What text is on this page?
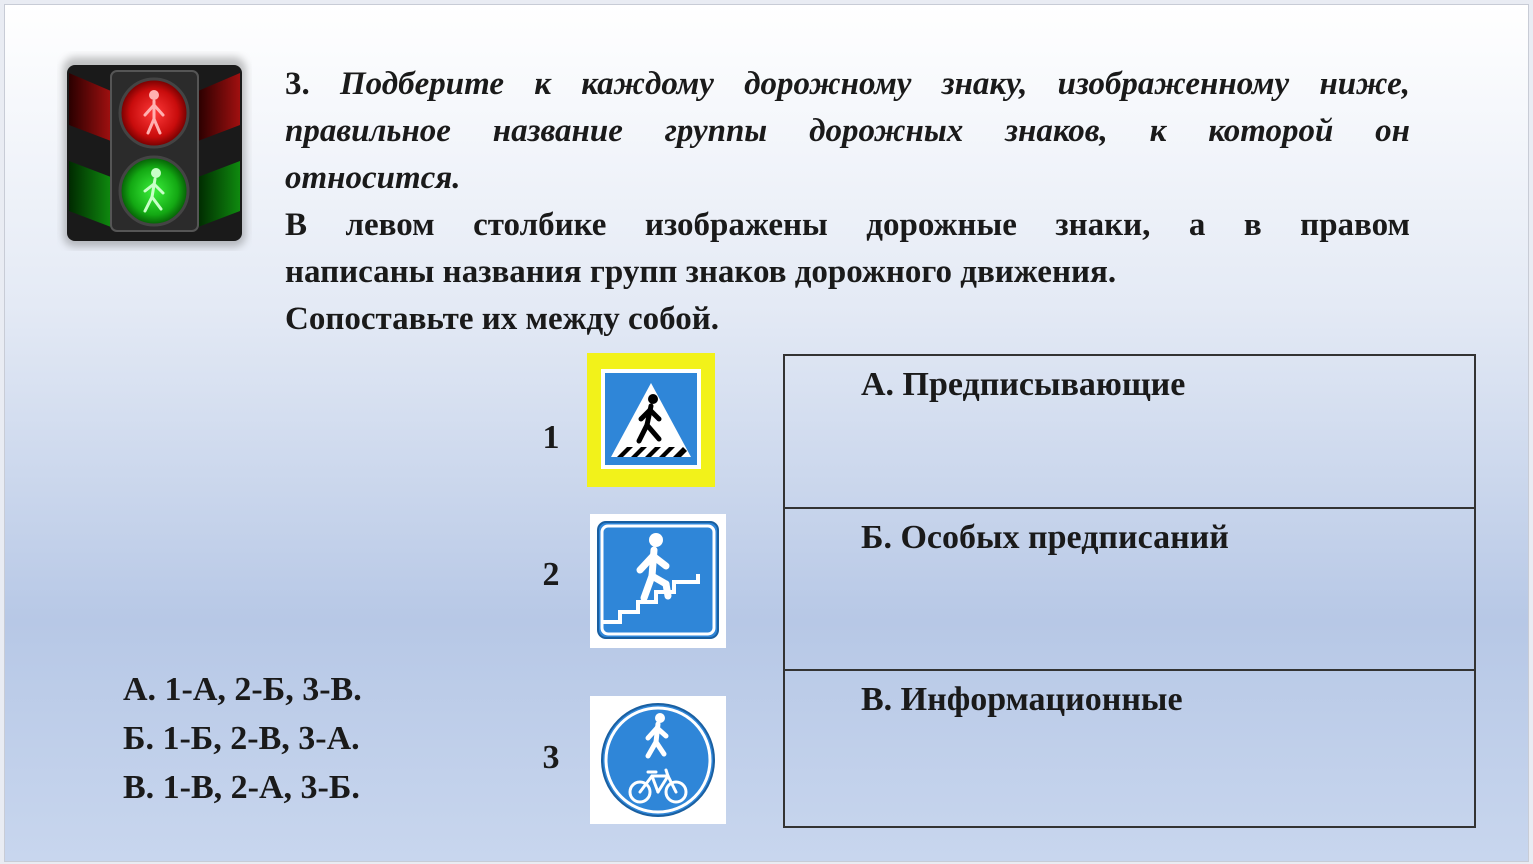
3. Подберите к каждому дорожному знаку, изображенному ниже,
правильное название группы дорожных знаков, к которой он
относится.
В левом столбике изображены дорожные знаки, а в правом
написаны названия групп знаков дорожного движения.
Сопоставьте их между собой.
1
2
3
А. Предписывающие
Б. Особых предписаний
В. Информационные
А. 1-А, 2-Б, 3-В.
Б. 1-Б, 2-В, 3-А.
В. 1-В, 2-А, 3-Б.
